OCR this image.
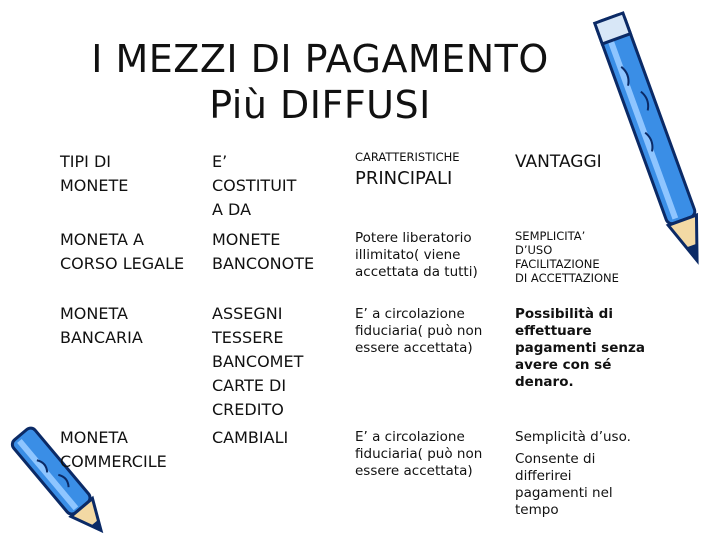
I MEZZI DI PAGAMENTO
Più DIFFUSI
TIPI DI
MONETE
E’
COSTITUIT
A DA
CARATTERISTICHE
PRINCIPALI
VANTAGGI
MONETA A
CORSO LEGALE
MONETE
BANCONOTE
Potere liberatorio
illimitato( viene
accettata da tutti)
SEMPLICITA’
D’USO
FACILITAZIONE
DI ACCETTAZIONE
MONETA
BANCARIA
ASSEGNI
TESSERE
BANCOMET
CARTE DI
CREDITO
E’ a circolazione
fiduciaria( può non
essere accettata)
Possibilità di
effettuare
pagamenti senza
avere con sé
denaro.
MONETA
COMMERCILE
CAMBIALI	E’ a circolazione
fiduciaria( può non
essere accettata)
Semplicità d’uso.
Consente di
differirei
pagamenti nel
tempo
